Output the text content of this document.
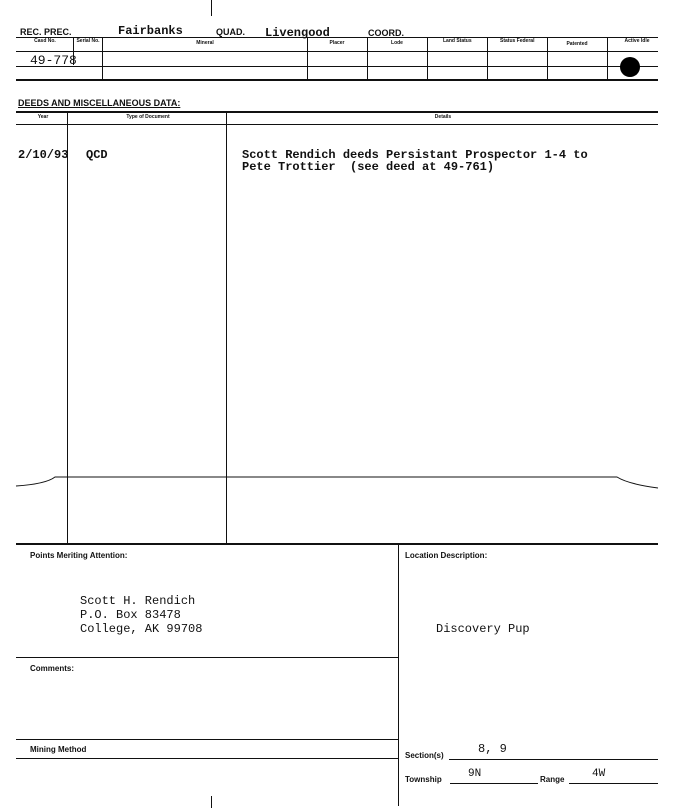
REC. PREC.	Fairbanks	QUAD. Livengood	COORD.
Casd No.	Serial No.	Mineral	Placer	Lode	Land Status	Status Federal	Patented	Active Idle
49-778
DEEDS AND MISCELLANEOUS DATA:
Year	Type of Document	Details
2/10/93 QCD	Scott Rendich deeds Persistant Prospector 1-4 to
Pete Trottier  (see deed at 49-761)
Points Meriting Attention:
Scott H. Rendich
P.O. Box 83478
College, AK 99708
Location Description:
Discovery Pup
Comments:
Mining Method
Section(s)	8, 9
Township 9N	Range	4W
